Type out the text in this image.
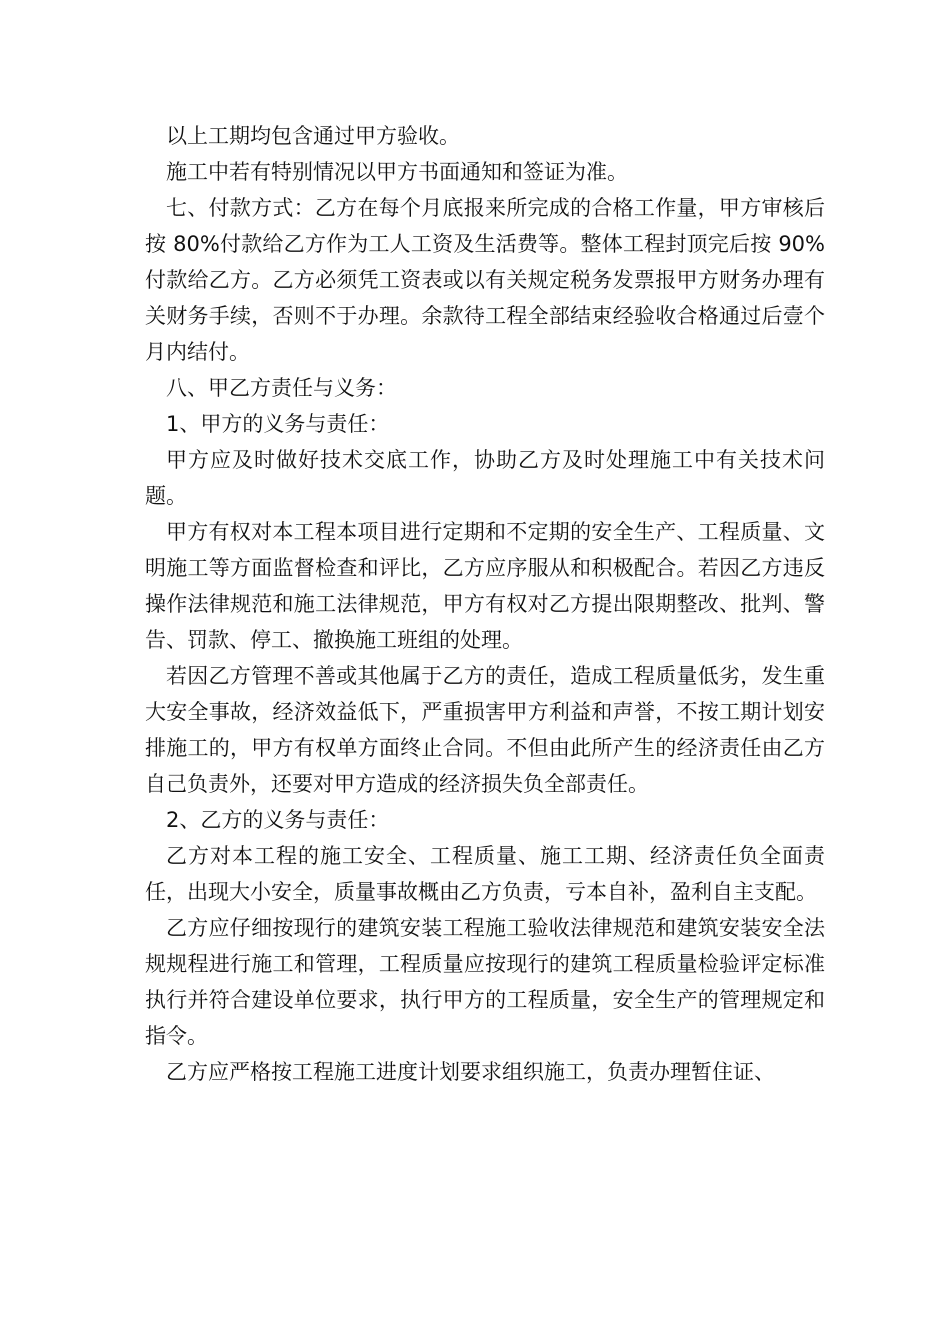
以上工期均包含通过甲方验收。

施工中若有特别情况以甲方书面通知和签证为准。

七、付款方式：乙方在每个月底报来所完成的合格工作量，甲方审核后按 80%付款给乙方作为工人工资及生活费等。整体工程封顶完后按 90%付款给乙方。乙方必须凭工资表或以有关规定税务发票报甲方财务办理有关财务手续，否则不于办理。余款待工程全部结束经验收合格通过后壹个月内结付。

八、甲乙方责任与义务：

1、甲方的义务与责任：

甲方应及时做好技术交底工作，协助乙方及时处理施工中有关技术问题。

甲方有权对本工程本项目进行定期和不定期的安全生产、工程质量、文明施工等方面监督检查和评比，乙方应序服从和积极配合。若因乙方违反操作法律规范和施工法律规范，甲方有权对乙方提出限期整改、批判、警告、罚款、停工、撤换施工班组的处理。

若因乙方管理不善或其他属于乙方的责任，造成工程质量低劣，发生重大安全事故，经济效益低下，严重损害甲方利益和声誉，不按工期计划安排施工的，甲方有权单方面终止合同。不但由此所产生的经济责任由乙方自己负责外，还要对甲方造成的经济损失负全部责任。

2、乙方的义务与责任：

乙方对本工程的施工安全、工程质量、施工工期、经济责任负全面责任，出现大小安全，质量事故概由乙方负责，亏本自补，盈利自主支配。

乙方应仔细按现行的建筑安装工程施工验收法律规范和建筑安装安全法规规程进行施工和管理，工程质量应按现行的建筑工程质量检验评定标准执行并符合建设单位要求，执行甲方的工程质量，安全生产的管理规定和指令。

乙方应严格按工程施工进度计划要求组织施工，负责办理暂住证、
